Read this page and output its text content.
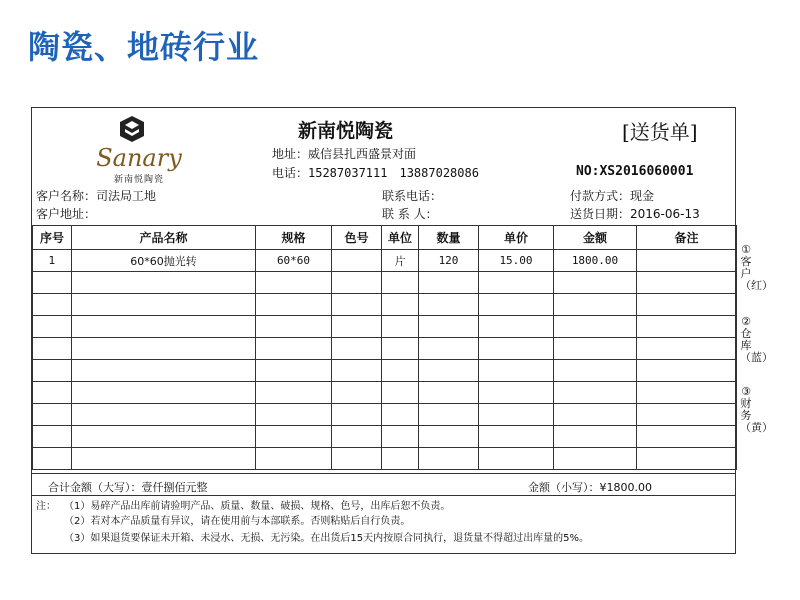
陶瓷、地砖行业
Sanary
新南悦陶瓷
新南悦陶瓷	[送货单]
地址：威信县扎西盛景对面
电话：15287037111　13887028086	NO:XS2016060001
客户名称：司法局工地
客户地址：
联系电话：
联 系 人：
付款方式：现金
送货日期：2016-06-13
序号	产品名称	规格	色号	单位	数量	单价	金额	备注
1	60*60抛光转	60*60		片	120	15.00	1800.00	

合计金额（大写）：壹仟捌佰元整	金额（小写）：¥1800.00
注： （1）易碎产品出库前请验明产品、质量、数量、破损、规格、色号，出库后恕不负责。
（2）若对本产品质量有异议，请在使用前与本部联系。否则粘贴后自行负责。
（3）如果退货要保证未开箱、未浸水、无损、无污染。在出货后15天内按原合同执行，退货量不得超过出库量的5%。
①客户（红）
②仓库（蓝）
③财务（黄）
